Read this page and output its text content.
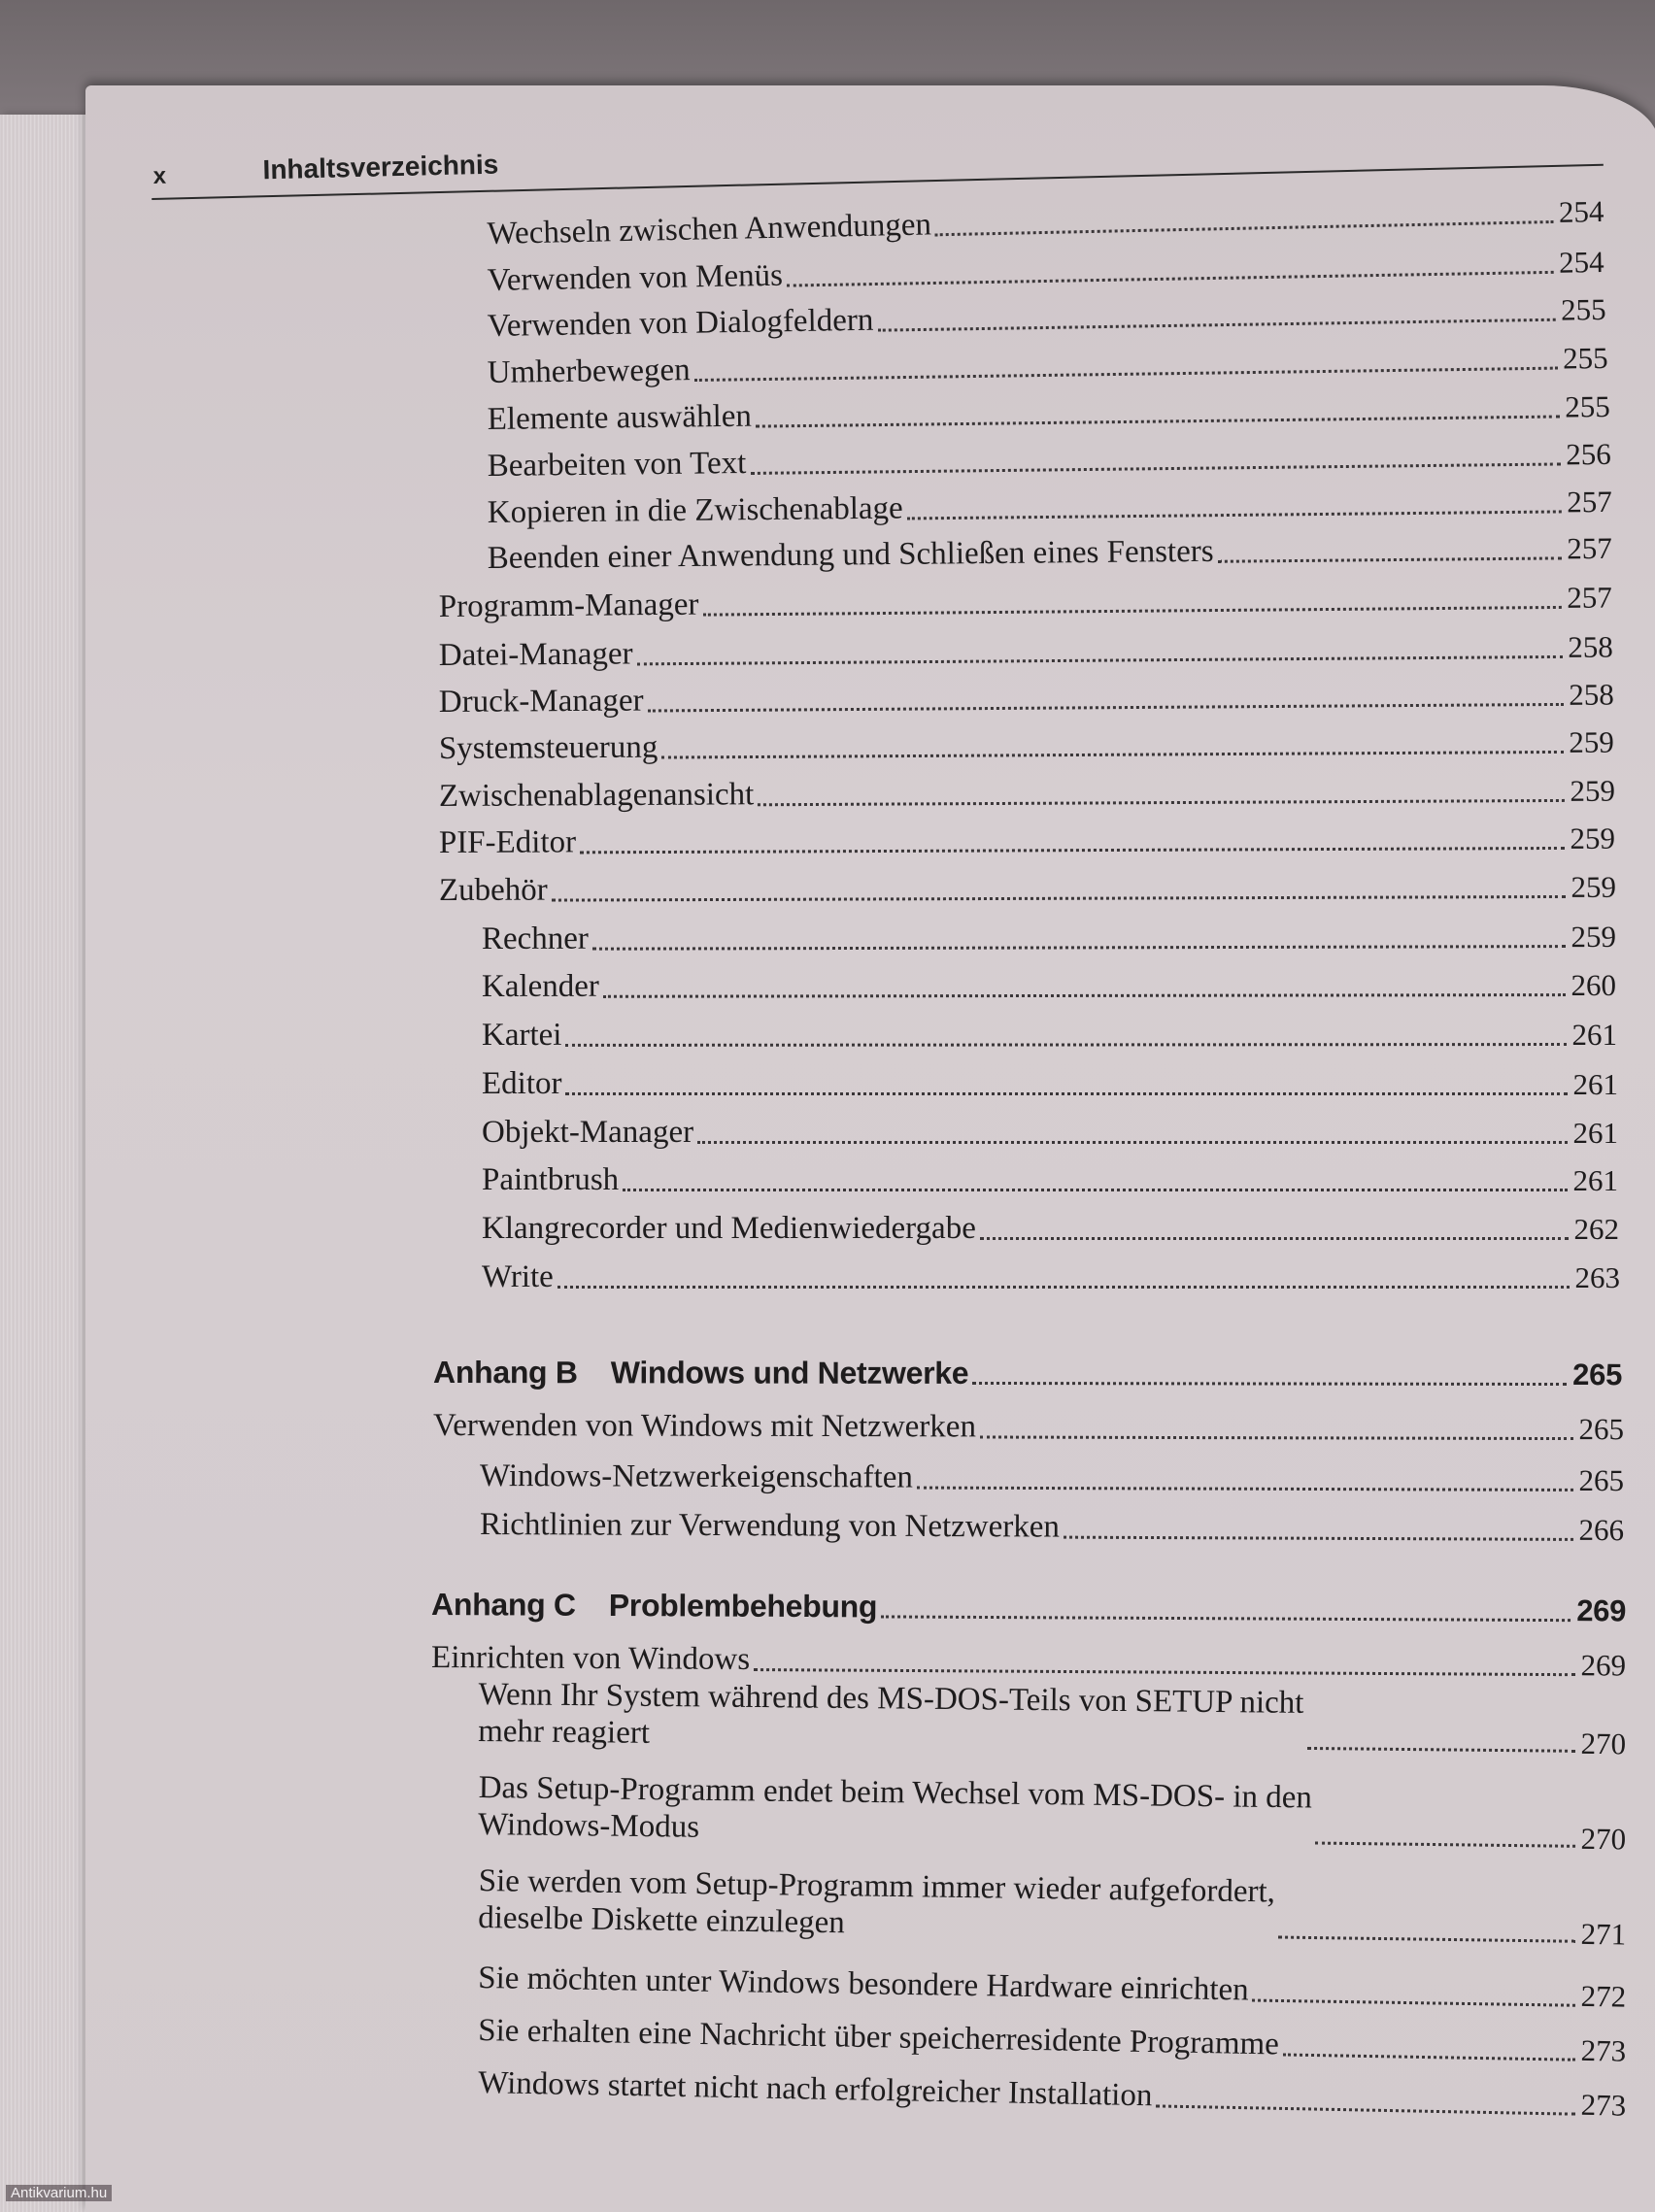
x	Inhaltsverzeichnis
Wechseln zwischen Anwendungen	254
Verwenden von Menüs	254
Verwenden von Dialogfeldern	255
Umherbewegen	255
Elemente auswählen	255
Bearbeiten von Text	256
Kopieren in die Zwischenablage	257
Beenden einer Anwendung und Schließen eines Fensters	257
Programm-Manager	257
Datei-Manager	258
Druck-Manager	258
Systemsteuerung	259
Zwischenablagenansicht	259
PIF-Editor	259
Zubehör	259
Rechner	259
Kalender	260
Kartei	261
Editor	261
Objekt-Manager	261
Paintbrush	261
Klangrecorder und Medienwiedergabe	262
Write	263
Anhang B Windows und Netzwerke	265
Verwenden von Windows mit Netzwerken	265
Windows-Netzwerkeigenschaften	265
Richtlinien zur Verwendung von Netzwerken	266
Anhang C Problembehebung	269
Einrichten von Windows	269
Wenn Ihr System während des MS-DOS-Teils von SETUP nicht
mehr reagiert	270
Das Setup-Programm endet beim Wechsel vom MS-DOS- in den
Windows-Modus	270
Sie werden vom Setup-Programm immer wieder aufgefordert,
dieselbe Diskette einzulegen	271
Sie möchten unter Windows besondere Hardware einrichten	272
Sie erhalten eine Nachricht über speicherresidente Programme	273
Windows startet nicht nach erfolgreicher Installation	273
Antikvarium.hu
